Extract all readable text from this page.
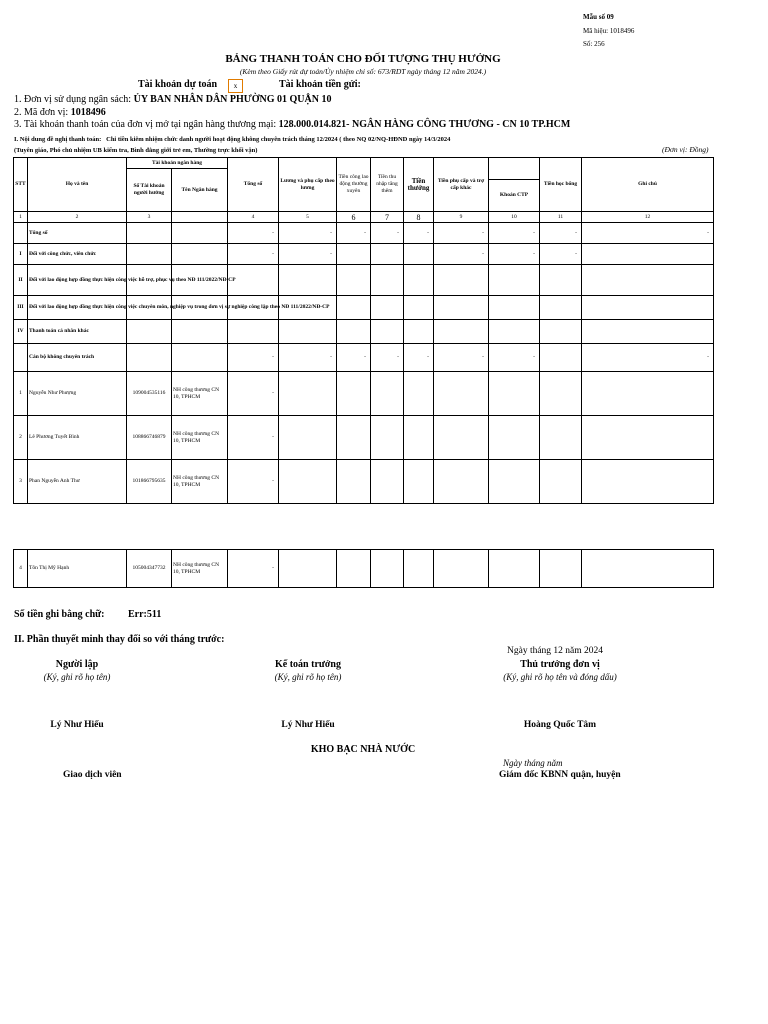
Mẫu số 09
Mã hiệu: 1018496
Số: 256
BẢNG THANH TOÁN CHO ĐỐI TƯỢNG THỤ HƯỞNG
(Kèm theo Giấy rút dự toán/Ủy nhiệm chi số: 673/RDT ngày tháng 12 năm 2024.)
Tài khoản dự toán	x	Tài khoản tiền gửi:
1. Đơn vị sử dụng ngân sách: ỦY BAN NHÂN DÂN PHƯỜNG 01 QUẬN 10
2. Mã đơn vị: 1018496
3. Tài khoản thanh toán của đơn vị mở tại ngân hàng thương mại: 128.000.014.821- NGÂN HÀNG CÔNG THƯƠNG - CN 10 TP.HCM
I. Nội dung đề nghị thanh toán: Chi tiền kiêm nhiệm chức danh người hoạt động không chuyên trách tháng 12/2024 ( theo NQ 02/NQ-HĐND ngày 14/3/2024
(Tuyên giáo, Phó chủ nhiệm UB kiểm tra, Bình đẳng giới trẻ em, Thường trực khối vận)	(Đơn vị: Đồng)
STT	Họ và tên	Tài khoản ngân hàng		Tổng số	Lương và phụ cấp theo lương	Tiền công lao động thường xuyên	Tiền thu nhập tăng thêm	Tiền thưởng	Tiền phụ cấp và trợ cấp khác		Tiền học bổng	Ghi chú
		Số Tài khoản người hưởng	Tên Ngân hàng									
										Khoán CTP		
1	2	3		4	5	6	7	8	9	10	11	12
	Tổng số			-	-	-	-	-	-	-	-	-
I	Đối với công chức, viên chức			-	-				-	-	-	
II	Đối với lao động hợp đồng thực hiện công việc hỗ trợ, phục vụ theo NĐ 111/2022/NĐ-CP											
III	Đối với lao động hợp đồng thực hiện công việc chuyên môn, nghiệp vụ trong đơn vị sự nghiệp công lập theo NĐ 111/2022/NĐ-CP											
IV	Thanh toán cá nhân khác											
	Cán bộ không chuyên trách			-	-	-	-	-	-	-		-
1	Nguyễn Như Phượng	109004535116	NH công thương CN 10, TPHCM	-								
2	Lê Phương Tuyết Bình	108866746879	NH công thương CN 10, TPHCM	-								
3	Phan Nguyễn Anh Thư	101866795635	NH công thương CN 10, TPHCM	-								

4	Tôn Thị Mỹ Hạnh	105004347732	NH công thương CN 10, TPHCM	-								
Số tiền ghi bằng chữ: Err:511
II. Phần thuyết minh thay đổi so với tháng trước:
Ngày tháng 12 năm 2024
Người lập
(Ký, ghi rõ họ tên)
Lý Như Hiếu
Kế toán trưởng
(Ký, ghi rõ họ tên)
Lý Như Hiếu
Thủ trưởng đơn vị
(Ký, ghi rõ họ tên và đóng dấu)
Hoàng Quốc Tâm
KHO BẠC NHÀ NƯỚC
Ngày tháng năm
Giao dịch viên	Giám đốc KBNN quận, huyện
